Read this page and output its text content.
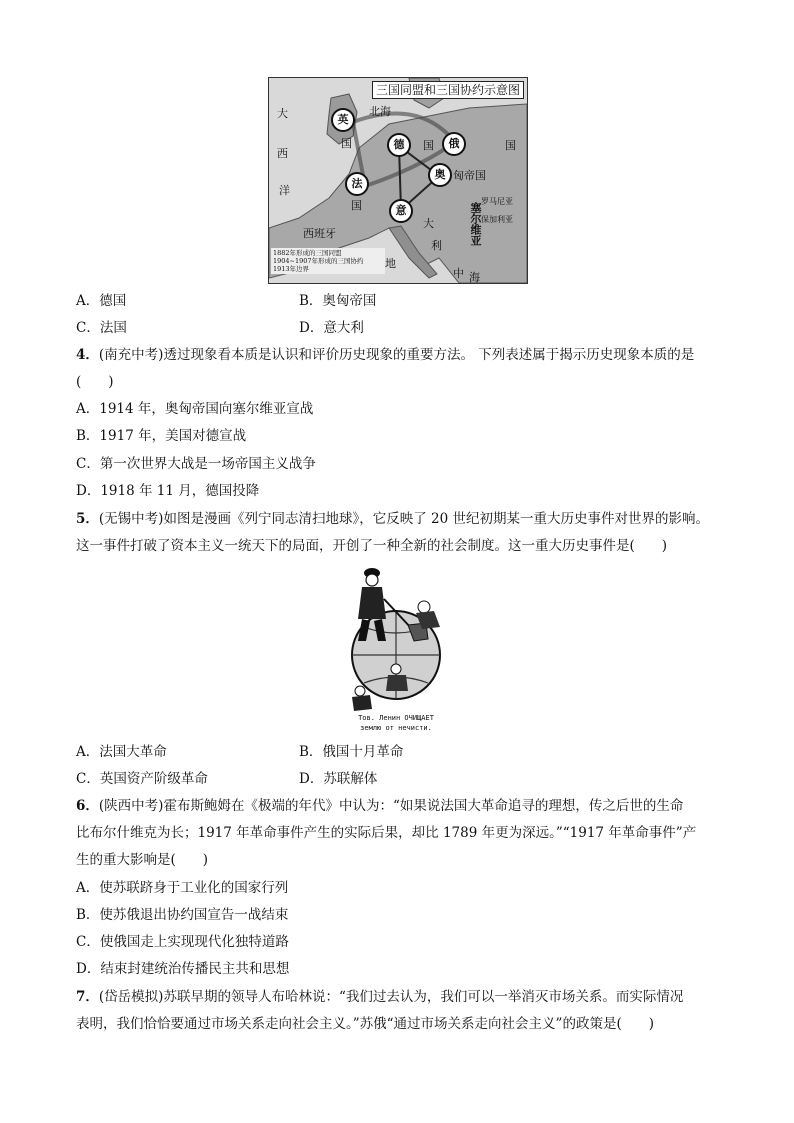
三国同盟和三国协约示意图
英
德	俄
法
奥
意
北海
大
西
洋
国	国	国
国
匈帝国
西班牙	塞尔维亚 保加利亚
罗马尼亚
大
利
地
中 海
1882年形成的三国同盟
1904~1907年形成的三国协约
1913年边界
A．德国	B．奥匈帝国
C．法国	D．意大利
4．(南充中考)透过现象看本质是认识和评价历史现象的重要方法。 下列表述属于揭示历史现象本质的是
(　　)
A．1914 年，奥匈帝国向塞尔维亚宣战
B．1917 年，美国对德宣战
C．第一次世界大战是一场帝国主义战争
D．1918 年 11 月，德国投降
5．(无锡中考)如图是漫画《列宁同志清扫地球》，它反映了 20 世纪初期某一重大历史事件对世界的影响。
这一事件打破了资本主义一统天下的局面，开创了一种全新的社会制度。这一重大历史事件是(　　)
Тов. Ленин ОЧИЩАЕТ
землю от нечисти.
A．法国大革命	B．俄国十月革命
C．英国资产阶级革命	D．苏联解体
6．(陕西中考)霍布斯鲍姆在《极端的年代》中认为：“如果说法国大革命追寻的理想，传之后世的生命
比布尔什维克为长；1917 年革命事件产生的实际后果，却比 1789 年更为深远。”“1917 年革命事件”产
生的重大影响是(　　)
A．使苏联跻身于工业化的国家行列
B．使苏俄退出协约国宣告一战结束
C．使俄国走上实现现代化独特道路
D．结束封建统治传播民主共和思想
7．(岱岳模拟)苏联早期的领导人布哈林说：“我们过去认为，我们可以一举消灭市场关系。而实际情况
表明，我们恰恰要通过市场关系走向社会主义。”苏俄“通过市场关系走向社会主义”的政策是(　　)
